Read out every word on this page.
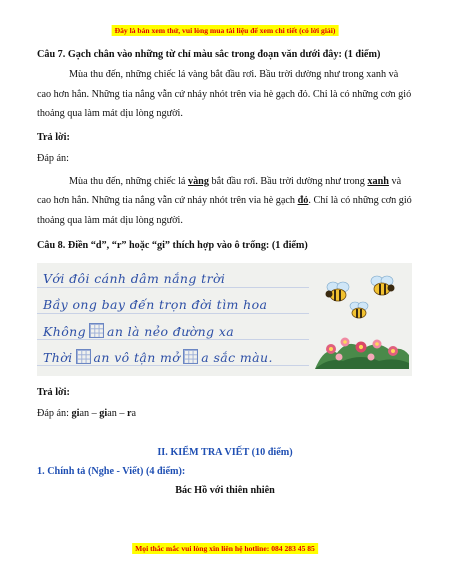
Đây là bản xem thử, vui lòng mua tài liệu để xem chi tiết (có lời giải)

Câu 7. Gạch chân vào những từ chỉ màu sắc trong đoạn văn dưới đây: (1 điểm)

Mùa thu đến, những chiếc lá vàng bắt đầu rơi. Bầu trời dường như trong xanh và cao hơn hẳn. Những tia nắng vẫn cứ nhảy nhót trên via hè gạch đỏ. Chỉ là có những cơn gió thoảng qua làm mát dịu lòng người.

Trả lời:

Đáp án:

Mùa thu đến, những chiếc lá vàng bắt đầu rơi. Bầu trời dường như trong xanh và cao hơn hẳn. Những tia nắng vẫn cứ nhảy nhót trên via hè gạch đỏ. Chỉ là có những cơn gió thoảng qua làm mát dịu lòng người.

Câu 8. Điền “d”, “r” hoặc “gi” thích hợp vào ô trống: (1 điểm)

Với đôi cánh dâm nắng trời
Bầy ong bay đến trọn đời tìm hoa
Không an là nẻo đường xa
Thời an vô tận mở a sắc màu.

Trả lời:

Đáp án: gian – gian – ra

II. KIỂM TRA VIẾT (10 điểm)

1. Chính tả (Nghe - Viết) (4 điểm):

Bác Hồ với thiên nhiên

Mọi thắc mắc vui lòng xin liên hệ hotline: 084 283 45 85
